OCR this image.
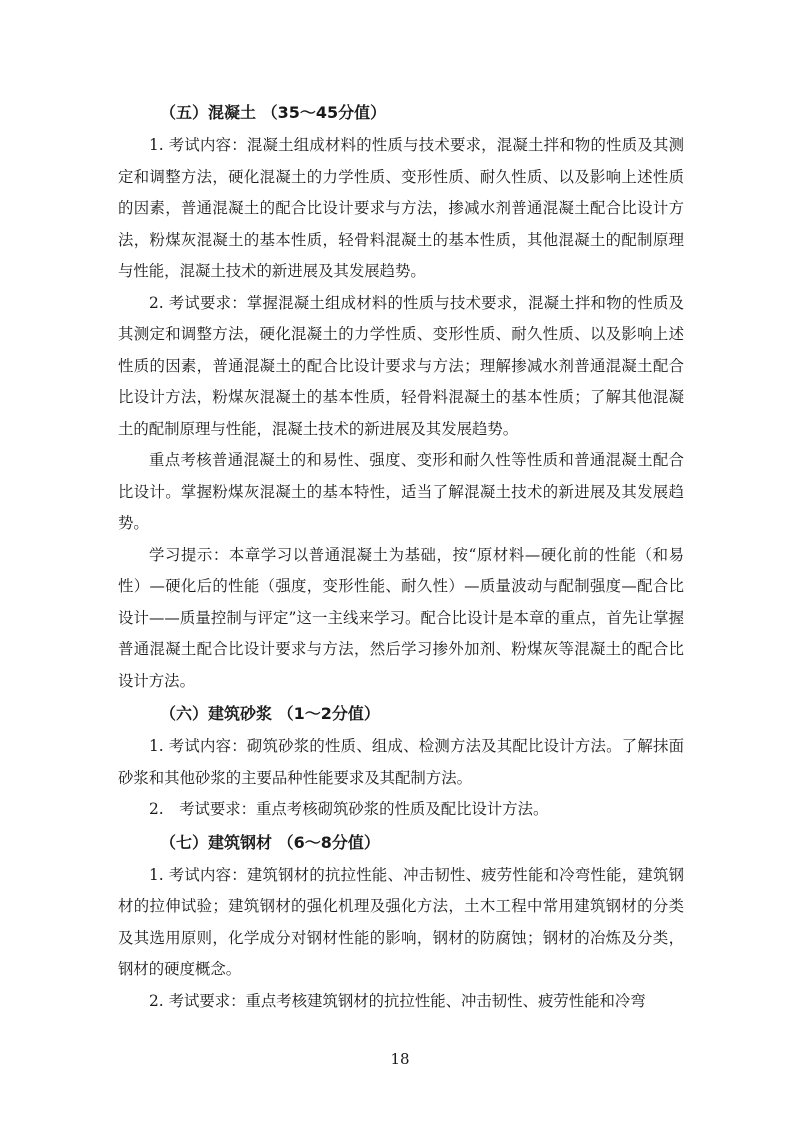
（五）混凝土 （35～45分值）

1. 考试内容：混凝土组成材料的性质与技术要求，混凝土拌和物的性质及其测定和调整方法，硬化混凝土的力学性质、变形性质、耐久性质、以及影响上述性质的因素，普通混凝土的配合比设计要求与方法，掺减水剂普通混凝土配合比设计方法，粉煤灰混凝土的基本性质，轻骨料混凝土的基本性质，其他混凝土的配制原理与性能，混凝土技术的新进展及其发展趋势。

2. 考试要求：掌握混凝土组成材料的性质与技术要求，混凝土拌和物的性质及其测定和调整方法，硬化混凝土的力学性质、变形性质、耐久性质、以及影响上述性质的因素，普通混凝土的配合比设计要求与方法；理解掺减水剂普通混凝土配合比设计方法，粉煤灰混凝土的基本性质，轻骨料混凝土的基本性质；了解其他混凝土的配制原理与性能，混凝土技术的新进展及其发展趋势。

重点考核普通混凝土的和易性、强度、变形和耐久性等性质和普通混凝土配合比设计。掌握粉煤灰混凝土的基本特性，适当了解混凝土技术的新进展及其发展趋势。

学习提示：本章学习以普通混凝土为基础，按“原材料—硬化前的性能（和易性）—硬化后的性能（强度，变形性能、耐久性）—质量波动与配制强度—配合比设计——质量控制与评定”这一主线来学习。配合比设计是本章的重点，首先让掌握普通混凝土配合比设计要求与方法，然后学习掺外加剂、粉煤灰等混凝土的配合比设计方法。

（六）建筑砂浆 （1～2分值）

1. 考试内容：砌筑砂浆的性质、组成、检测方法及其配比设计方法。了解抹面砂浆和其他砂浆的主要品种性能要求及其配制方法。

2.　考试要求：重点考核砌筑砂浆的性质及配比设计方法。

（七）建筑钢材 （6～8分值）

1. 考试内容：建筑钢材的抗拉性能、冲击韧性、疲劳性能和冷弯性能，建筑钢材的拉伸试验；建筑钢材的强化机理及强化方法，土木工程中常用建筑钢材的分类及其选用原则，化学成分对钢材性能的影响，钢材的防腐蚀；钢材的冶炼及分类，钢材的硬度概念。

2. 考试要求：重点考核建筑钢材的抗拉性能、冲击韧性、疲劳性能和冷弯

18
